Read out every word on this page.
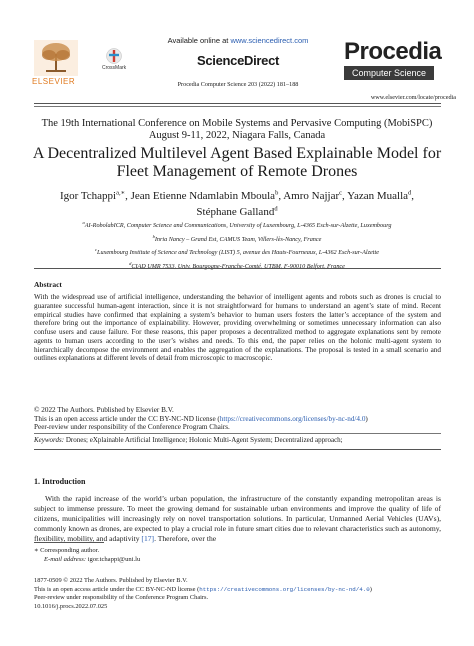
ELSEVIER
CrossMark
Available online at www.sciencedirect.com
ScienceDirect
Procedia Computer Science 203 (2022) 181–188
Procedia
Computer Science
www.elsevier.com/locate/procedia
The 19th International Conference on Mobile Systems and Pervasive Computing (MobiSPC)
August 9-11, 2022, Niagara Falls, Canada
A Decentralized Multilevel Agent Based Explainable Model for
Fleet Management of Remote Drones
Igor Tchappi$^{a,∗}$, Jean Etienne Ndamlabin Mboula$^b$, Amro Najjar$^c$, Yazan Mualla$^d$,
Stéphane Galland$^d$
$^a$AI-RobolabICR, Computer Science and Communications, University of Luxembourg, L-4365 Esch-sur-Alzette, Luxembourg
$^b$Inria Nancy – Grand Est, CAMUS Team, Villers-lès-Nancy, France
$^c$Luxembourg Institute of Science and Technology (LIST) 5, avenue des Hauts-Fourneaux, L-4362 Esch-sur-Alzette
$^d$CIAD UMR 7533, Univ. Bourgogne-Franche-Comté, UTBM, F-90010 Belfort, France
Abstract
With the widespread use of artificial intelligence, understanding the behavior of intelligent agents and robots such as drones is crucial to guarantee successful human-agent interaction, since it is not straightforward for humans to understand an agent’s state of mind. Recent empirical studies have confirmed that explaining a system’s behavior to human users fosters the latter’s acceptance of the system and therefore bring out the importance of explainability. However, providing overwhelming or sometimes unnecessary information can also confuse users and cause failure. For these reasons, this paper proposes a decentralized method to aggregate explanations sent by remote agents to human users according to the user’s wishes and needs. To this end, the paper relies on the holonic multi-agent system to hierarchically decompose the environment and enables the aggregation of the explanations. The proposal is tested in a small scenario and outlines explanations at different levels of detail from microscopic to macroscopic.
© 2022 The Authors. Published by Elsevier B.V.
This is an open access article under the CC BY-NC-ND license (https://creativecommons.org/licenses/by-nc-nd/4.0)
Peer-review under responsibility of the Conference Program Chairs.
Keywords: Drones; eXplainable Artificial Intelligence; Holonic Multi-Agent System; Decentralized approach;
1. Introduction
With the rapid increase of the world’s urban population, the infrastructure of the constantly expanding metropolitan areas is subject to immense pressure. To meet the growing demand for sustainable urban environments and improve the quality of life of citizens, municipalities will increasingly rely on novel transportation solutions. In particular, Unmanned Aerial Vehicles (UAVs), commonly known as drones, are expected to play a crucial role in future smart cities due to relevant characteristics such as autonomy, flexibility, mobility, and adaptivity [17]. Therefore, over the
∗ Corresponding author.
E-mail address: igor.tchappi@uni.lu
1877-0509 © 2022 The Authors. Published by Elsevier B.V.
This is an open access article under the CC BY-NC-ND license (https://creativecommons.org/licenses/by-nc-nd/4.0)
Peer-review under responsibility of the Conference Program Chairs.
10.1016/j.procs.2022.07.025
